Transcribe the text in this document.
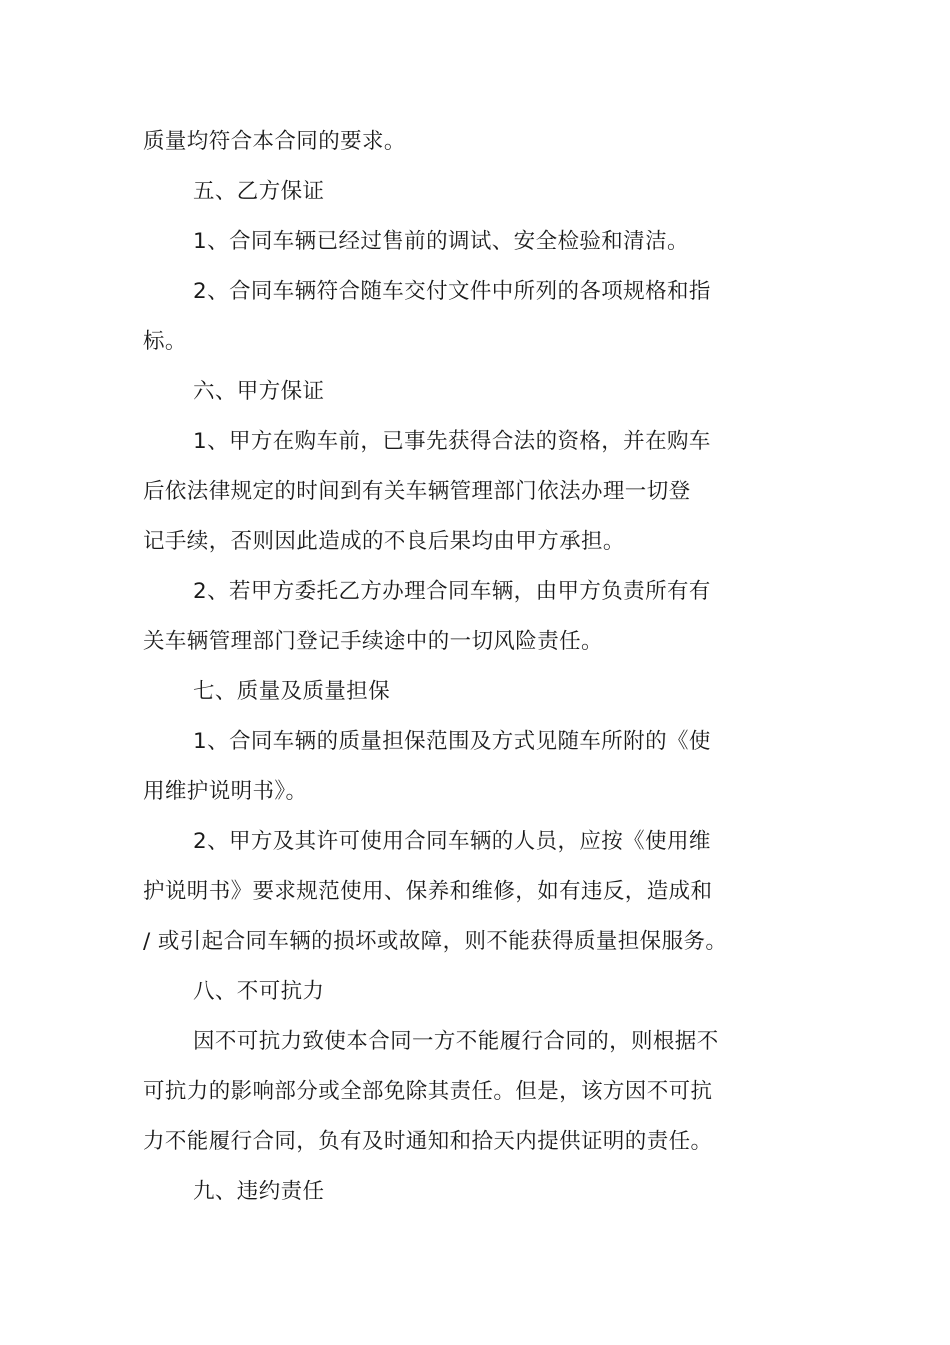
质量均符合本合同的要求。
五、乙方保证
1、合同车辆已经过售前的调试、安全检验和清洁。
2、合同车辆符合随车交付文件中所列的各项规格和指
标。
六、甲方保证
1、甲方在购车前，已事先获得合法的资格，并在购车
后依法律规定的时间到有关车辆管理部门依法办理一切登
记手续，否则因此造成的不良后果均由甲方承担。
2、若甲方委托乙方办理合同车辆，由甲方负责所有有
关车辆管理部门登记手续途中的一切风险责任。
七、质量及质量担保
1、合同车辆的质量担保范围及方式见随车所附的《使
用维护说明书》。
2、甲方及其许可使用合同车辆的人员，应按《使用维
护说明书》要求规范使用、保养和维修，如有违反，造成和
/ 或引起合同车辆的损坏或故障，则不能获得质量担保服务。
八、不可抗力
因不可抗力致使本合同一方不能履行合同的，则根据不
可抗力的影响部分或全部免除其责任。但是，该方因不可抗
力不能履行合同，负有及时通知和拾天内提供证明的责任。
九、违约责任
